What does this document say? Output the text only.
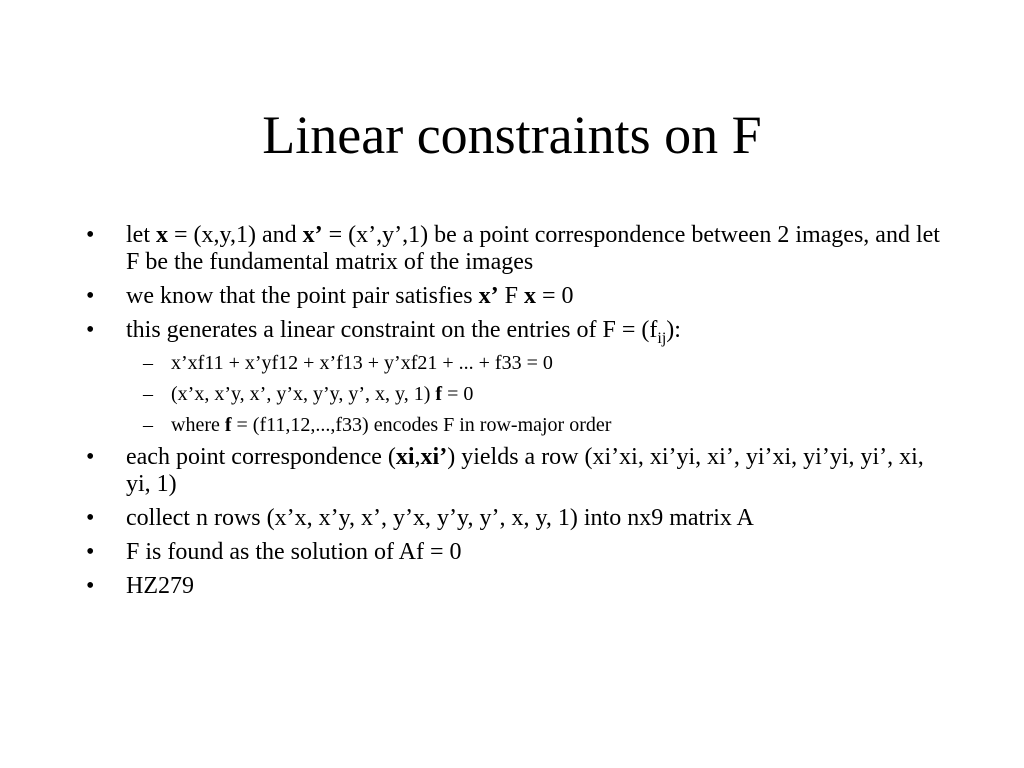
Linear constraints on F
•	let x = (x,y,1) and x’ = (x’,y’,1) be a point correspondence between 2 images, and let F be the fundamental matrix of the images
•	we know that the point pair satisfies x’ F x = 0
•	this generates a linear constraint on the entries of $F = (f_{ij})$:
– x’xf11 + x’yf12 + x’f13 + y’xf21 + ... + f33 = 0
– (x’x, x’y, x’, y’x, y’y, y’, x, y, 1) f = 0
– where f = (f11,12,...,f33) encodes F in row-major order
•	each point correspondence (xi,xi’) yields a row (xi’xi, xi’yi, xi’, yi’xi, yi’yi, yi’, xi, yi, 1)
•	collect n rows (x’x, x’y, x’, y’x, y’y, y’, x, y, 1) into nx9 matrix A
•	F is found as the solution of Af = 0
•	HZ279
